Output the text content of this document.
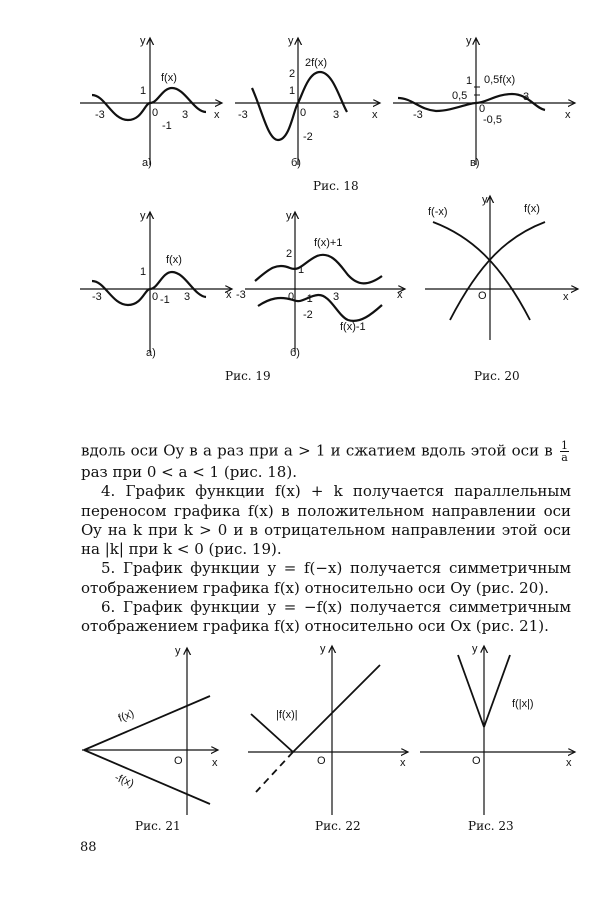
y
x
f(x)
1
0
-1
-3	3
а)
y
x
2f(x)
2
1
0
-2
-3	3
б)
y
x
0,5f(x)
1
0,5
0
-0,5
-3
3
в)
Рис. 18
y
x
f(x)
1
0 -1
-3	3
а)
y
x
f(x)+1
f(x)-1
2
1
0 -1
-2
-3	3
б)
Рис. 19
y
x
O
f(-x)	f(x)
Рис. 20
y
x
O
f(x)
-f(x)
Рис. 21
y
x
O
|f(x)|
Рис. 22
y
x
O
f(|x|)
Рис. 23

вдоль оси Oy в a раз при a > 1 и сжатием вдоль этой оси в $\frac{1}{a}$
раз при 0 < a < 1 (рис. 18).

4. График функции f(x) + k получается параллельным переносом графика f(x) в положительном направлении оси Oy на k при k > 0 и в отрицательном направлении этой оси на |k| при k < 0 (рис. 19).

5. График функции y = f(−x) получается симметричным отображением графика f(x) относительно оси Oy (рис. 20).

6. График функции y = −f(x) получается симметричным отображением графика f(x) относительно оси Ox (рис. 21).

88
